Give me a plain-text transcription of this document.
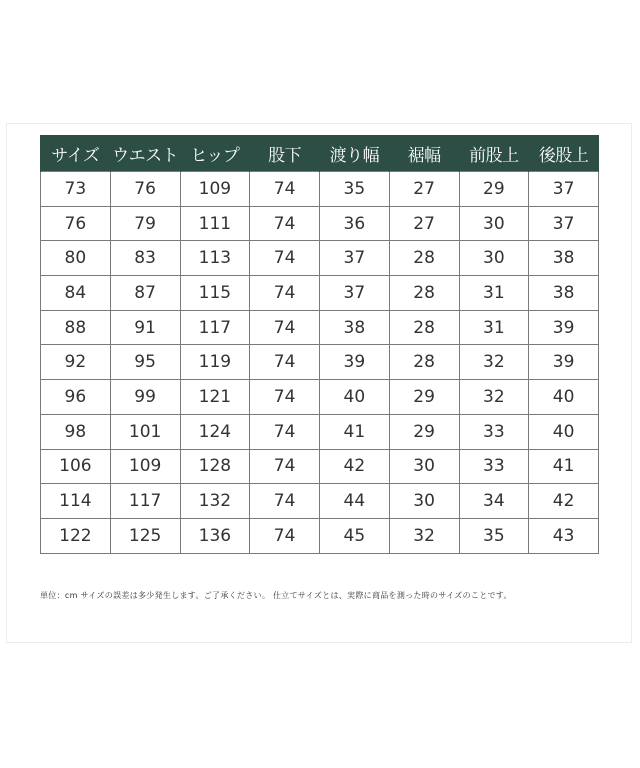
サイズ	ウエスト	ヒップ	股下	渡り幅	裾幅	前股上	後股上
73	76	109	74	35	27	29	37
76	79	111	74	36	27	30	37
80	83	113	74	37	28	30	38
84	87	115	74	37	28	31	38
88	91	117	74	38	28	31	39
92	95	119	74	39	28	32	39
96	99	121	74	40	29	32	40
98	101	124	74	41	29	33	40
106	109	128	74	42	30	33	41
114	117	132	74	44	30	34	42
122	125	136	74	45	32	35	43
単位：cm サイズの誤差は多少発生します。ご了承ください。 仕立てサイズとは、実際に商品を測った時のサイズのことです。
